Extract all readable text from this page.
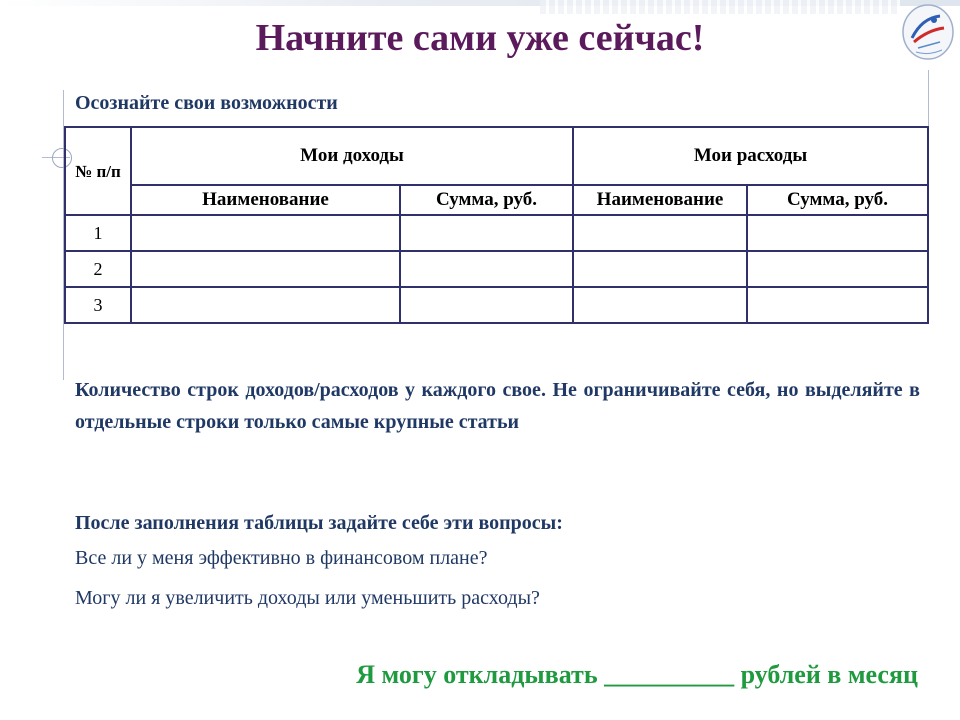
Начните сами уже сейчас!

Осознайте свои возможности

№ п/п	Мои доходы		Мои расходы	
	Наименование	Сумма, руб.	Наименование	Сумма, руб.
1				
2				
3				

Количество строк доходов/расходов у каждого свое. Не ограничивайте себя, но выделяйте в отдельные строки только самые крупные статьи

После заполнения таблицы задайте себе эти вопросы:

Все ли у меня эффективно в финансовом плане?

Могу ли я увеличить доходы или уменьшить расходы?

Я могу откладывать __________ рублей в месяц
